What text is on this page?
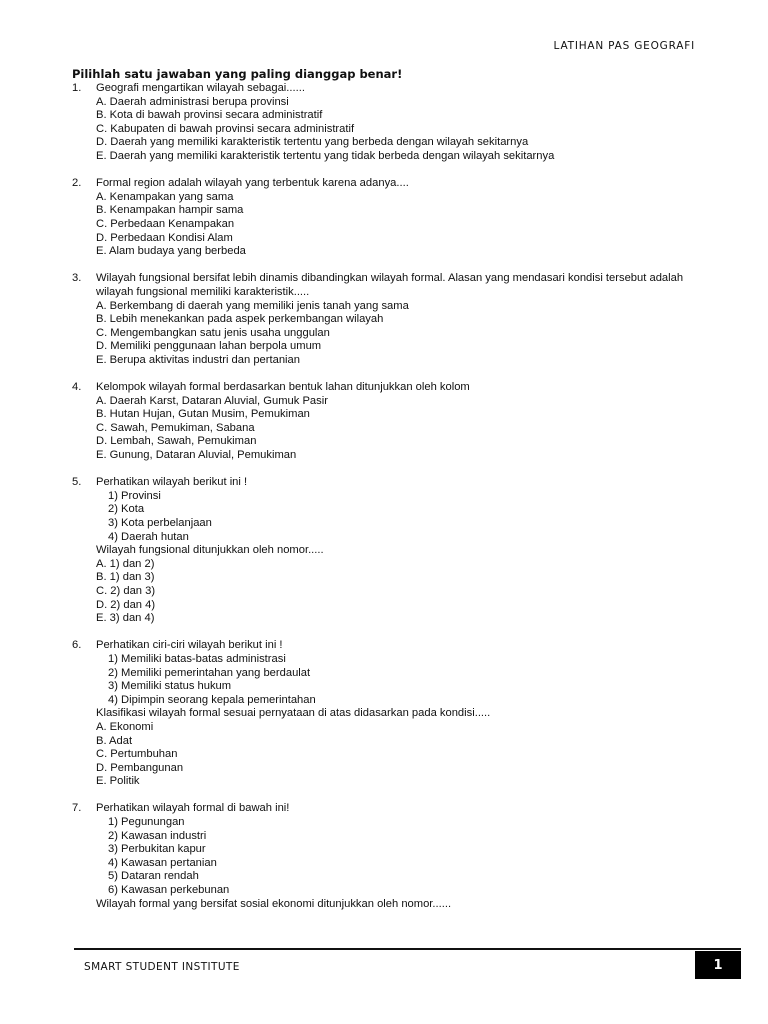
LATIHAN PAS GEOGRAFI
Pilihlah satu jawaban yang paling dianggap benar!
1.	Geografi mengartikan wilayah sebagai......
A. Daerah administrasi berupa provinsi
B. Kota di bawah provinsi secara administratif
C. Kabupaten di bawah provinsi secara administratif
D. Daerah yang memiliki karakteristik tertentu yang berbeda dengan wilayah sekitarnya
E. Daerah yang memiliki karakteristik tertentu yang tidak berbeda dengan wilayah sekitarnya
2.	Formal region adalah wilayah yang terbentuk karena adanya....
A. Kenampakan yang sama
B. Kenampakan hampir sama
C. Perbedaan Kenampakan
D. Perbedaan Kondisi Alam
E. Alam budaya yang berbeda
3.	Wilayah fungsional bersifat lebih dinamis dibandingkan wilayah formal. Alasan yang mendasari kondisi tersebut adalah wilayah fungsional memiliki karakteristik.....
A. Berkembang di daerah yang memiliki jenis tanah yang sama
B. Lebih menekankan pada aspek perkembangan wilayah
C. Mengembangkan satu jenis usaha unggulan
D. Memiliki penggunaan lahan berpola umum
E. Berupa aktivitas industri dan pertanian
4.	Kelompok wilayah formal berdasarkan bentuk lahan ditunjukkan oleh kolom
A. Daerah Karst, Dataran Aluvial, Gumuk Pasir
B. Hutan Hujan, Gutan Musim, Pemukiman
C. Sawah, Pemukiman, Sabana
D. Lembah, Sawah, Pemukiman
E. Gunung, Dataran Aluvial, Pemukiman
5.	Perhatikan wilayah berikut ini !
1) Provinsi
2) Kota
3) Kota perbelanjaan
4) Daerah hutan
Wilayah fungsional ditunjukkan oleh nomor.....
A. 1) dan 2)
B. 1) dan 3)
C. 2) dan 3)
D. 2) dan 4)
E. 3) dan 4)
6.	Perhatikan ciri-ciri wilayah berikut ini !
1) Memiliki batas-batas administrasi
2) Memiliki pemerintahan yang berdaulat
3) Memiliki status hukum
4) Dipimpin seorang kepala pemerintahan
Klasifikasi wilayah formal sesuai pernyataan di atas didasarkan pada kondisi.....
A. Ekonomi
B. Adat
C. Pertumbuhan
D. Pembangunan
E. Politik
7.	Perhatikan wilayah formal di bawah ini!
1) Pegunungan
2) Kawasan industri
3) Perbukitan kapur
4) Kawasan pertanian
5) Dataran rendah
6) Kawasan perkebunan
Wilayah formal yang bersifat sosial ekonomi ditunjukkan oleh nomor......
SMART STUDENT INSTITUTE	1
